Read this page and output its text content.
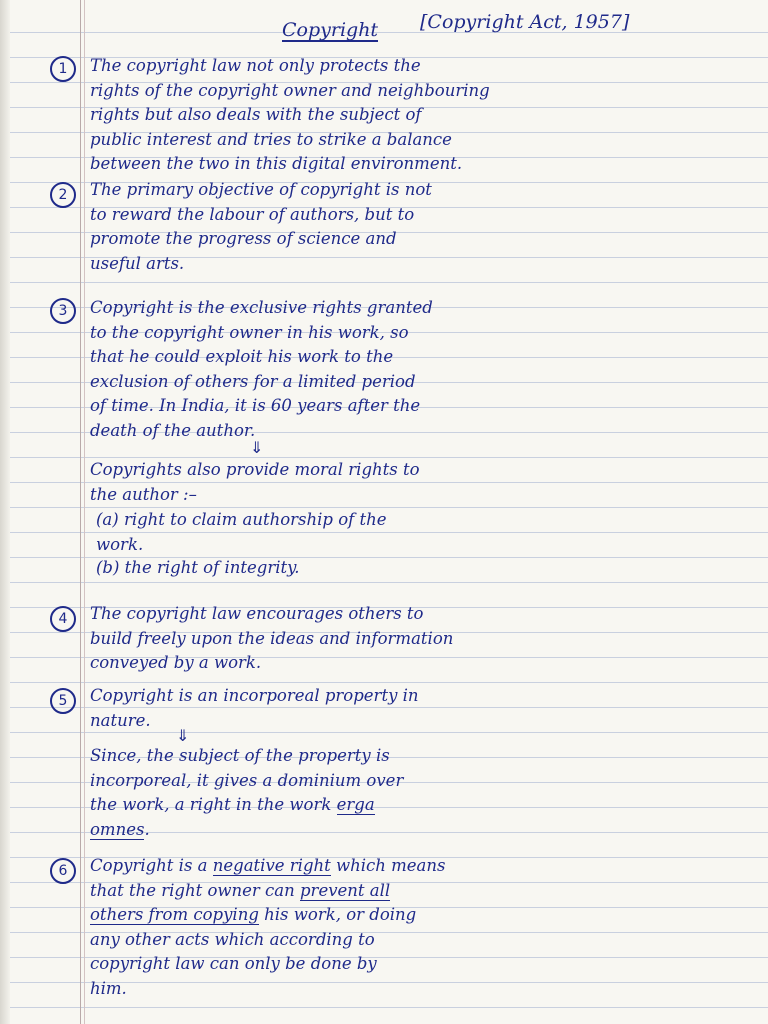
Copyright [Copyright Act, 1957]
1	The copyright law not only protects the
rights of the copyright owner and neighbouring
rights but also deals with the subject of
public interest and tries to strike a balance
between the two in this digital environment.
2	The primary objective of copyright is not
to reward the labour of authors, but to
promote the progress of science and
useful arts.
3	Copyright is the exclusive rights granted
to the copyright owner in his work, so
that he could exploit his work to the
exclusion of others for a limited period
of time. In India, it is 60 years after the
death of the author.
⇓
Copyrights also provide moral rights to
the author :–
(a) right to claim authorship of the
work.
(b) the right of integrity.
4	The copyright law encourages others to
build freely upon the ideas and information
conveyed by a work.
5	Copyright is an incorporeal property in
nature.
⇓
Since, the subject of the property is
incorporeal, it gives a dominium over
the work, a right in the work erga
omnes.
6	Copyright is a negative right which means
that the right owner can prevent all
others from copying his work, or doing
any other acts which according to
copyright law can only be done by
him.
